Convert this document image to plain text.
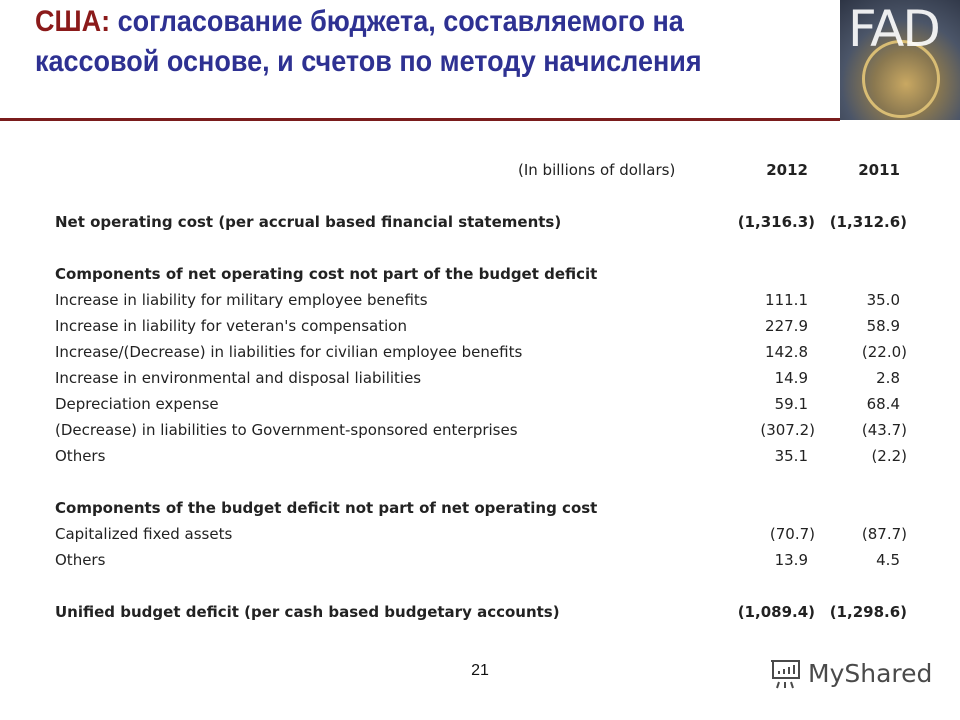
США: согласование бюджета, составляемого на кассовой основе, и счетов по методу начисления
FAD
(In billions of dollars)	2012	2011
Net operating cost (per accrual based financial statements)	(1,316.3) (1,312.6)
Components of net operating cost not part of the budget deficit
Increase in liability for military employee benefits	111.1	35.0
Increase in liability for veteran's compensation	227.9	58.9
Increase/(Decrease) in liabilities for civilian employee benefits	142.8	(22.0)
Increase in environmental and disposal liabilities	14.9	2.8
Depreciation expense	59.1	68.4
(Decrease) in liabilities to Government-sponsored enterprises	(307.2)	(43.7)
Others	35.1	(2.2)
Components of the budget deficit not part of net operating cost
Capitalized fixed assets	(70.7)	(87.7)
Others	13.9	4.5
Unified budget deficit (per cash based budgetary accounts)	(1,089.4) (1,298.6)
21	MyShared
